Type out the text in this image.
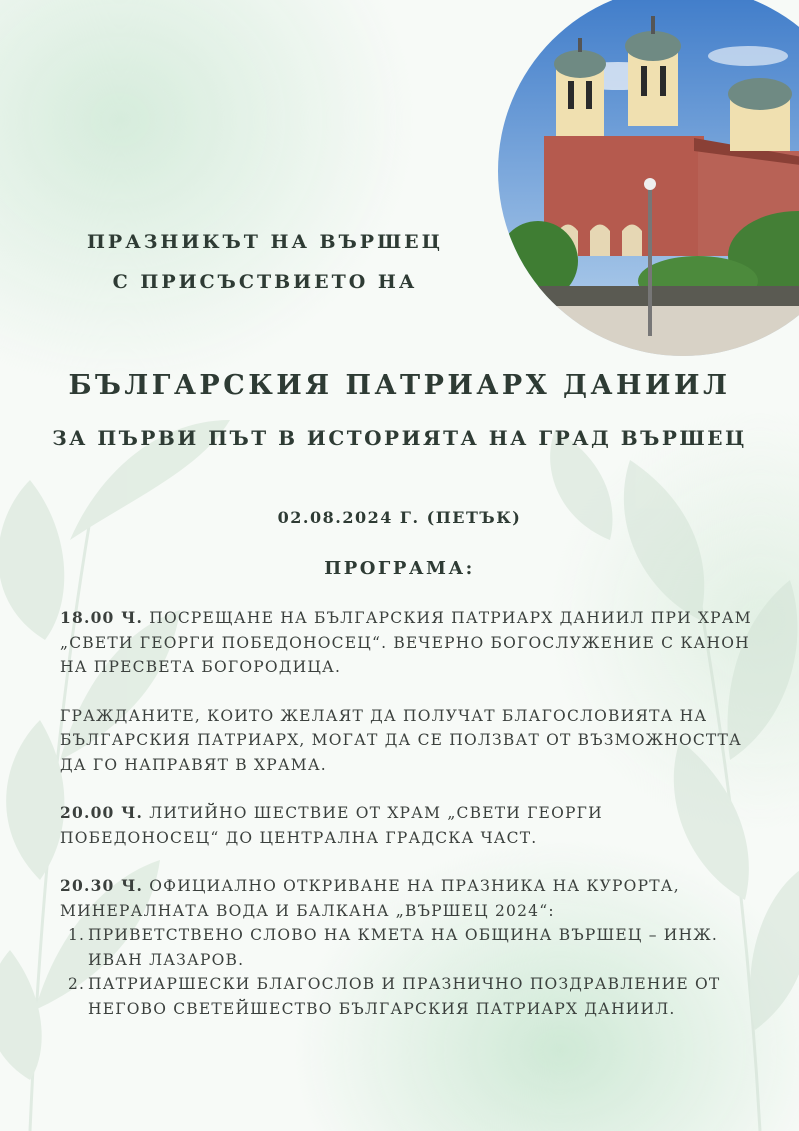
ПРАЗНИКЪТ НА ВЪРШЕЦ
С ПРИСЪСТВИЕТО НА
БЪЛГАРСКИЯ ПАТРИАРХ ДАНИИЛ
ЗА ПЪРВИ ПЪТ В ИСТОРИЯТА НА ГРАД ВЪРШЕЦ
02.08.2024 Г. (ПЕТЪК)
ПРОГРАМА:

18.00 Ч. ПОСРЕЩАНЕ НА БЪЛГАРСКИЯ ПАТРИАРХ ДАНИИЛ ПРИ ХРАМ „СВЕТИ ГЕОРГИ ПОБЕДОНОСЕЦ“. ВЕЧЕРНО БОГОСЛУЖЕНИЕ С КАНОН НА ПРЕСВЕТА БОГОРОДИЦА.

ГРАЖДАНИТЕ, КОИТО ЖЕЛАЯТ ДА ПОЛУЧАТ БЛАГОСЛОВИЯТА НА БЪЛГАРСКИЯ ПАТРИАРХ, МОГАТ ДА СЕ ПОЛЗВАТ ОТ ВЪЗМОЖНОСТТА ДА ГО НАПРАВЯТ В ХРАМА.

20.00 Ч. ЛИТИЙНО ШЕСТВИЕ ОТ ХРАМ „СВЕТИ ГЕОРГИ ПОБЕДОНОСЕЦ“ ДО ЦЕНТРАЛНА ГРАДСКА ЧАСТ.

20.30 Ч. ОФИЦИАЛНО ОТКРИВАНЕ НА ПРАЗНИКА НА КУРОРТА, МИНЕРАЛНАТА ВОДА И БАЛКАНА „ВЪРШЕЦ 2024“:
1. ПРИВЕТСТВЕНО СЛОВО НА КМЕТА НА ОБЩИНА ВЪРШЕЦ – ИНЖ. ИВАН ЛАЗАРОВ.
2. ПАТРИАРШЕСКИ БЛАГОСЛОВ И ПРАЗНИЧНО ПОЗДРАВЛЕНИЕ ОТ НЕГОВО СВЕТЕЙШЕСТВО БЪЛГАРСКИЯ ПАТРИАРХ ДАНИИЛ.
